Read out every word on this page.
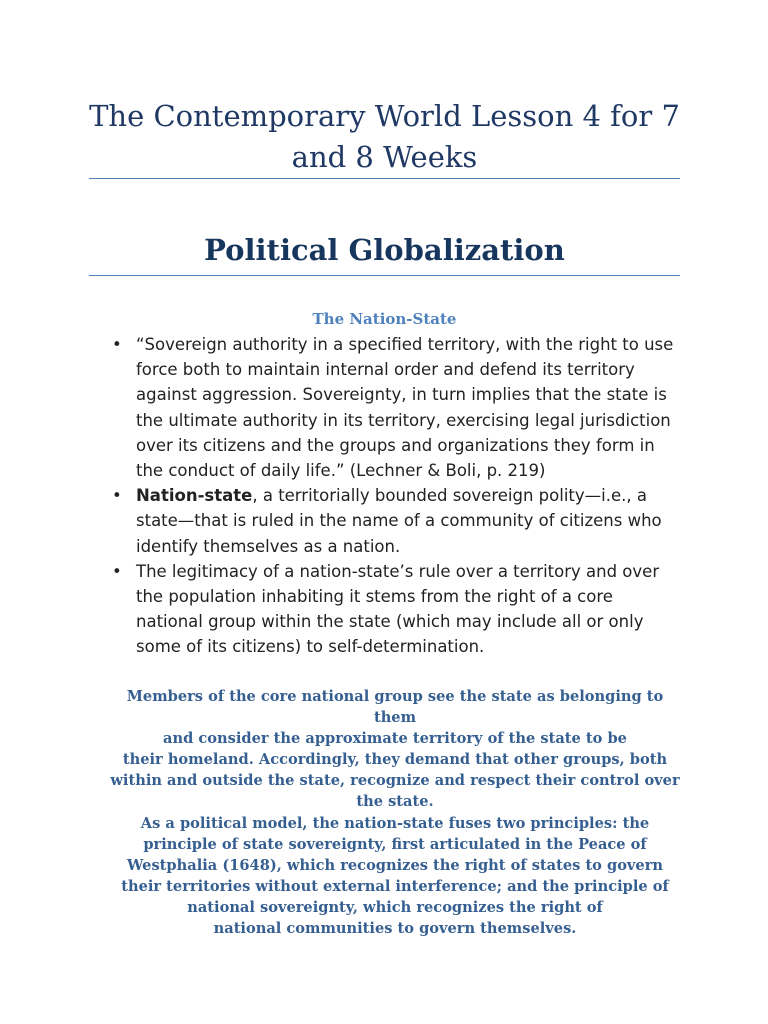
The Contemporary World Lesson 4 for 7 and 8 Weeks
Political Globalization
The Nation-State
• “Sovereign authority in a specified territory, with the right to use force both to maintain internal order and defend its territory against aggression. Sovereignty, in turn implies that the state is the ultimate authority in its territory, exercising legal jurisdiction over its citizens and the groups and organizations they form in the conduct of daily life.” (Lechner & Boli, p. 219)
• Nation-state, a territorially bounded sovereign polity—i.e., a state—that is ruled in the name of a community of citizens who identify themselves as a nation.
• The legitimacy of a nation-state’s rule over a territory and over the population inhabiting it stems from the right of a core national group within the state (which may include all or only some of its citizens) to self-determination.

Members of the core national group see the state as belonging to them
and consider the approximate territory of the state to be
their homeland. Accordingly, they demand that other groups, both
within and outside the state, recognize and respect their control over
the state.
As a political model, the nation-state fuses two principles: the
principle of state sovereignty, first articulated in the Peace of
Westphalia (1648), which recognizes the right of states to govern
their territories without external interference; and the principle of
national sovereignty, which recognizes the right of
national communities to govern themselves.
